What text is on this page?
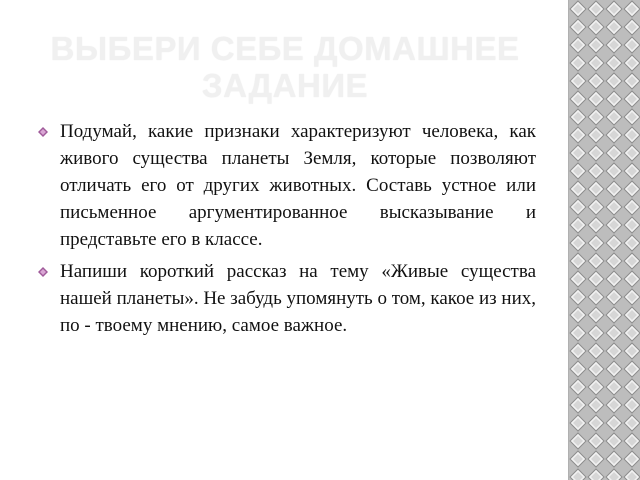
ВЫБЕРИ СЕБЕ ДОМАШНЕЕ ЗАДАНИЕ
Подумай, какие признаки характеризуют человека, как живого существа планеты Земля, которые позволяют отличать его от других животных. Составь устное или письменное аргументированное высказывание и представьте его в классе.
Напиши короткий рассказ на тему «Живые существа нашей планеты». Не забудь упомянуть о том, какое из них, по - твоему мнению, самое важное.
